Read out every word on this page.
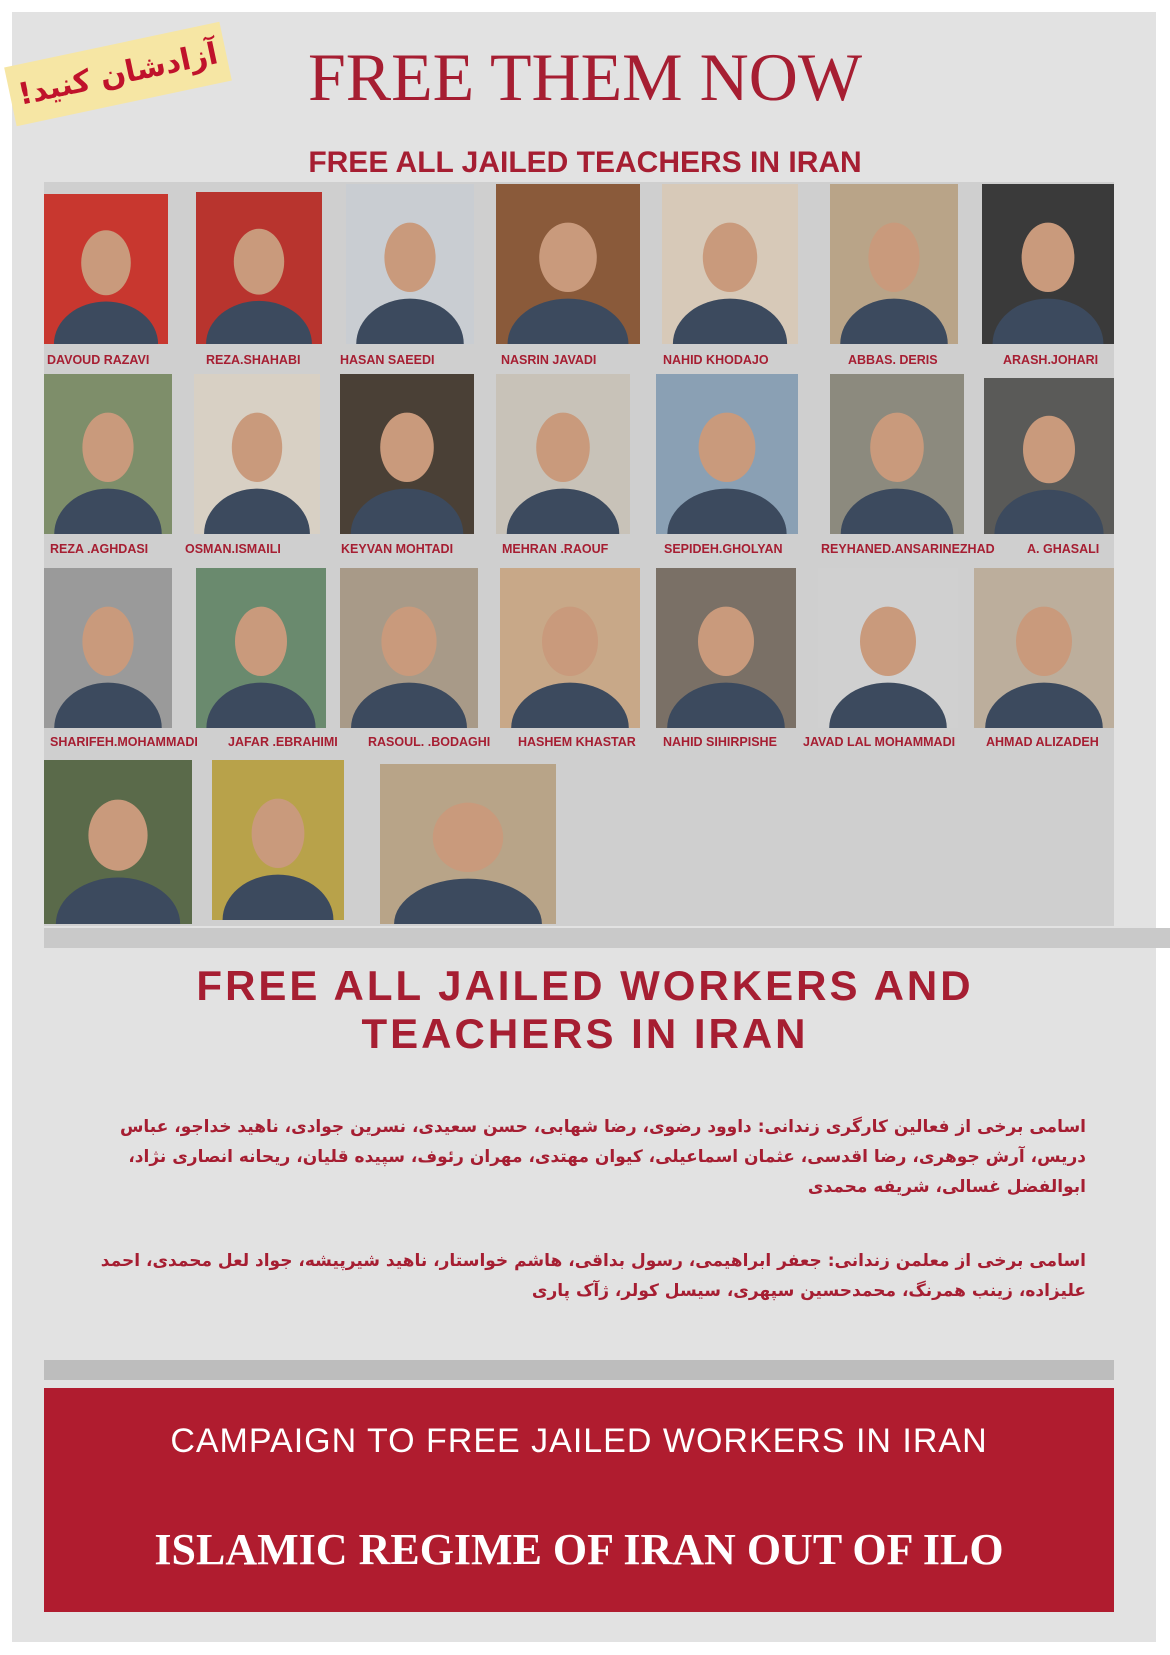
آزادشان کنید!	FREE THEM NOW
FREE ALL JAILED TEACHERS IN IRAN
DAVOUD RAZAVI	REZA.SHAHABI	HASAN SAEEDI	NASRIN JAVADI	NAHID KHODAJO	ABBAS. DERIS	ARASH.JOHARI
REZA .AGHDASI	OSMAN.ISMAILI	KEYVAN MOHTADI	MEHRAN .RAOUF	SEPIDEH.GHOLYAN	REYHANED.ANSARINEZHAD	A. GHASALI
SHARIFEH.MOHAMMADI JAFAR .EBRAHIMI RASOUL. .BODAGHI HASHEM KHASTAR NAHID SIHIRPISHE JAVAD LAL MOHAMMADI AHMAD ALIZADEH
FREE ALL JAILED WORKERS AND
TEACHERS IN IRAN
اسامی برخی از فعالین کارگری زندانی: داوود رضوی، رضا شهابی، حسن سعیدی، نسرین جوادی، ناهید خداجو، عباس دریس، آرش جوهری، رضا اقدسی، عثمان اسماعیلی، کیوان مهتدی، مهران رئوف، سپیده قلیان، ریحانه انصاری نژاد، ابوالفضل غسالی، شریفه محمدی
اسامی برخی از معلمن زندانی: جعفر ابراهیمی، رسول بداقی، هاشم خواستار، ناهید شیرپیشه، جواد لعل محمدی، احمد علیزاده، زینب همرنگ، محمدحسین سپهری، سیسل کولر، ژآک پاری
CAMPAIGN TO FREE JAILED WORKERS IN IRAN
ISLAMIC REGIME OF IRAN OUT OF ILO
